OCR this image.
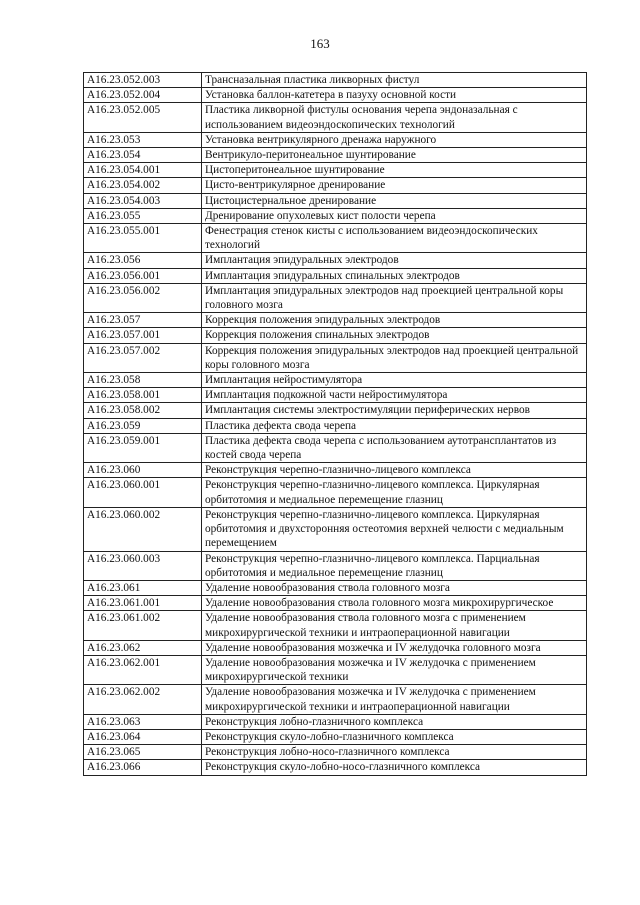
163
A16.23.052.003	Трансназальная пластика ликворных фистул
A16.23.052.004	Установка баллон-катетера в пазуху основной кости
A16.23.052.005	Пластика ликворной фистулы основания черепа эндоназальная с использованием видеоэндоскопических технологий
A16.23.053	Установка вентрикулярного дренажа наружного
A16.23.054	Вентрикуло-перитонеальное шунтирование
A16.23.054.001	Цистоперитонеальное шунтирование
A16.23.054.002	Цисто-вентрикулярное дренирование
A16.23.054.003	Цистоцистернальное дренирование
A16.23.055	Дренирование опухолевых кист полости черепа
A16.23.055.001	Фенестрация стенок кисты с использованием видеоэндоскопических технологий
A16.23.056	Имплантация эпидуральных электродов
A16.23.056.001	Имплантация эпидуральных спинальных электродов
A16.23.056.002	Имплантация эпидуральных электродов над проекцией центральной коры головного мозга
A16.23.057	Коррекция положения эпидуральных электродов
A16.23.057.001	Коррекция положения спинальных электродов
A16.23.057.002	Коррекция положения эпидуральных электродов над проекцией центральной коры головного мозга
A16.23.058	Имплантация нейростимулятора
A16.23.058.001	Имплантация подкожной части нейростимулятора
A16.23.058.002	Имплантация системы электростимуляции периферических нервов
A16.23.059	Пластика дефекта свода черепа
A16.23.059.001	Пластика дефекта свода черепа с использованием аутотрансплантатов из костей свода черепа
A16.23.060	Реконструкция черепно-глазнично-лицевого комплекса
A16.23.060.001	Реконструкция черепно-глазнично-лицевого комплекса. Циркулярная орбитотомия и медиальное перемещение глазниц
A16.23.060.002	Реконструкция черепно-глазнично-лицевого комплекса. Циркулярная орбитотомия и двухсторонняя остеотомия верхней челюсти с медиальным перемещением
A16.23.060.003	Реконструкция черепно-глазнично-лицевого комплекса. Парциальная орбитотомия и медиальное перемещение глазниц
A16.23.061	Удаление новообразования ствола головного мозга
A16.23.061.001	Удаление новообразования ствола головного мозга микрохирургическое
A16.23.061.002	Удаление новообразования ствола головного мозга с применением микрохирургической техники и интраоперационной навигации
A16.23.062	Удаление новообразования мозжечка и IV желудочка головного мозга
A16.23.062.001	Удаление новообразования мозжечка и IV желудочка с применением микрохирургической техники
A16.23.062.002	Удаление новообразования мозжечка и IV желудочка с применением микрохирургической техники и интраоперационной навигации
A16.23.063	Реконструкция лобно-глазничного комплекса
A16.23.064	Реконструкция скуло-лобно-глазничного комплекса
A16.23.065	Реконструкция лобно-носо-глазничного комплекса
A16.23.066	Реконструкция скуло-лобно-носо-глазничного комплекса
